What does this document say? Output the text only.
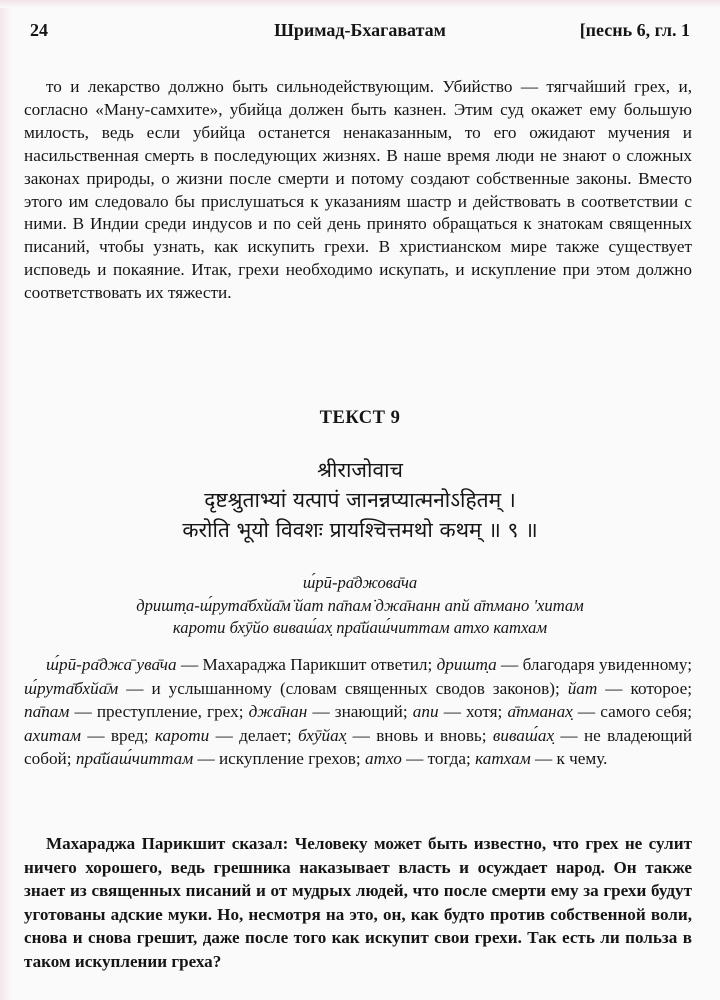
24	Шримад-Бхагаватам	[песнь 6, гл. 1
то и лекарство должно быть сильнодействующим. Убийство — тягчайший грех, и, согласно «Ману-самхите», убийца должен быть казнен. Этим суд окажет ему большую милость, ведь если убийца останется ненаказанным, то его ожидают мучения и насильственная смерть в последующих жизнях. В наше время люди не знают о сложных законах природы, о жизни после смерти и потому создают собственные законы. Вместо этого им следовало бы прислушаться к указаниям шастр и действовать в соответствии с ними. В Индии среди индусов и по сей день принято обращаться к знатокам священных писаний, чтобы узнать, как искупить грехи. В христианском мире также существует исповедь и покаяние. Итак, грехи необходимо искупать, и искупление при этом должно соответствовать их тяжести.
ТЕКСТ 9
श्रीराजोवाच
दृष्टश्रुताभ्यां यत्पापं जानन्नप्यात्मनोऽहितम् ।
करोति भूयो विवशः प्रायश्चित्तमथो कथम् ॥ ९ ॥
ш́рӣ-ра̄джова̄ча
дришт̣а-ш́рута̄бхйа̄м̇ йат па̄пам̇ джа̄нанн апй а̄тмано 'хитам
кароти бхӯйо виваш́ах̣ пра̄йаш́читтам атхо катхам
ш́рӣ-ра̄джа̄ ува̄ча — Махараджа Парикшит ответил; дришт̣а — благодаря увиденному; ш́рута̄бхйа̄м — и услышанному (словам священных сводов законов); йат — которое; па̄пам — преступление, грех; джа̄нан — знающий; апи — хотя; а̄тманах̣ — самого себя; ахитам — вред; кароти — делает; бхӯйах̣ — вновь и вновь; виваш́ах̣ — не владеющий собой; пра̄йаш́читтам — искупление грехов; атхо — тогда; катхам — к чему.
Махараджа Парикшит сказал: Человеку может быть известно, что грех не сулит ничего хорошего, ведь грешника наказывает власть и осуждает народ. Он также знает из священных писаний и от мудрых людей, что после смерти ему за грехи будут уготованы адские муки. Но, несмотря на это, он, как будто против собственной воли, снова и снова грешит, даже после того как искупит свои грехи. Так есть ли польза в таком искуплении греха?
